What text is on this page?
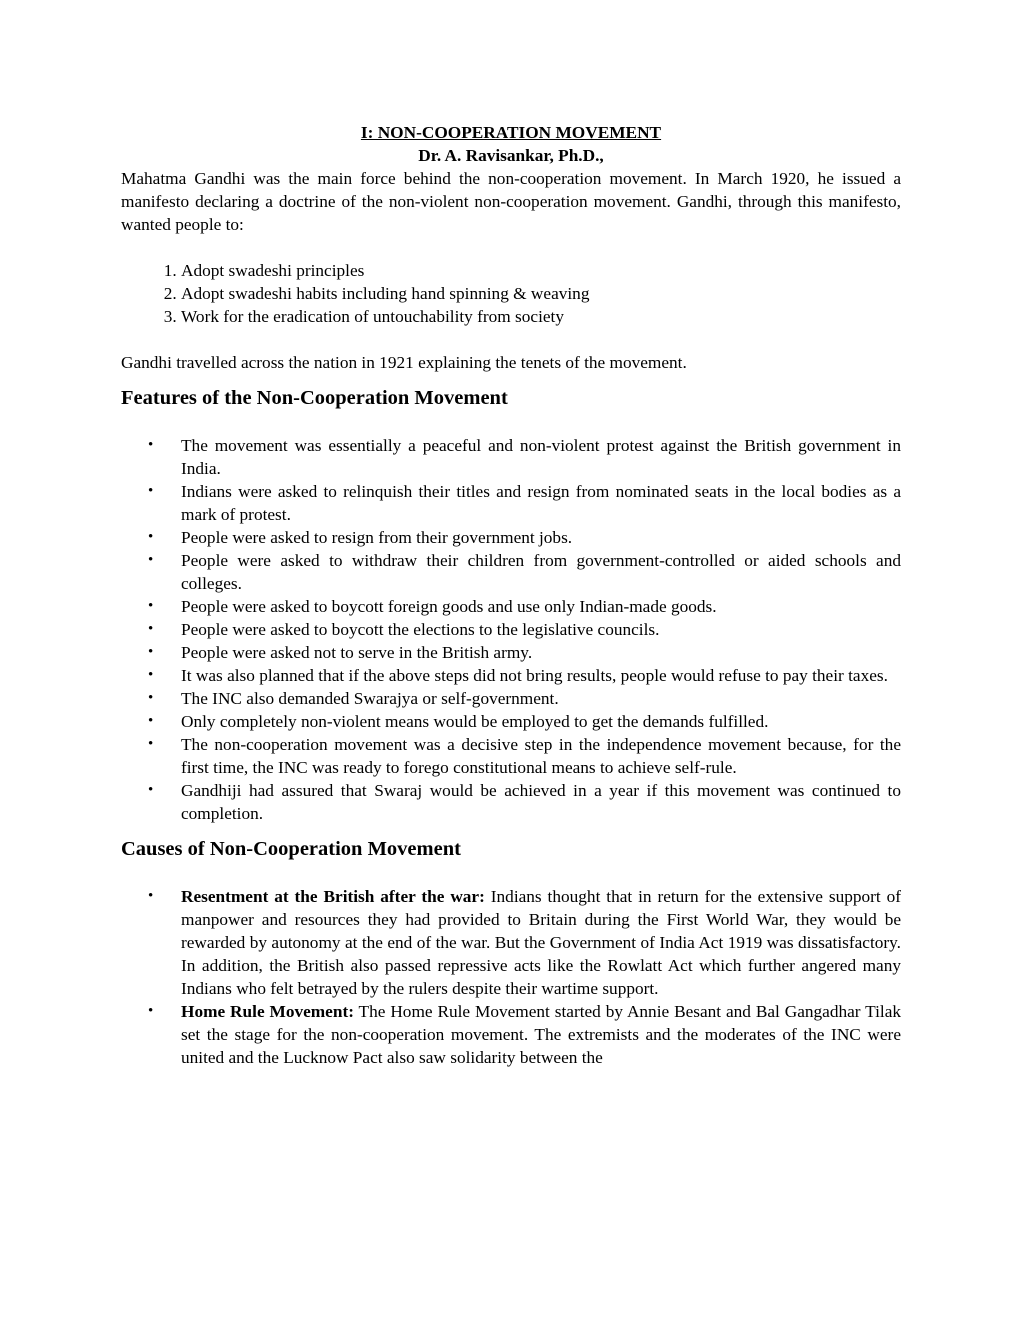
I: NON-COOPERATION MOVEMENT
Dr. A. Ravisankar, Ph.D.,

Mahatma Gandhi was the main force behind the non-cooperation movement. In March 1920, he issued a manifesto declaring a doctrine of the non-violent non-cooperation movement. Gandhi, through this manifesto, wanted people to:

1. Adopt swadeshi principles
2. Adopt swadeshi habits including hand spinning & weaving
3. Work for the eradication of untouchability from society

Gandhi travelled across the nation in 1921 explaining the tenets of the movement.

Features of the Non-Cooperation Movement
• The movement was essentially a peaceful and non-violent protest against the British government in India.
• Indians were asked to relinquish their titles and resign from nominated seats in the local bodies as a mark of protest.
• People were asked to resign from their government jobs.
• People were asked to withdraw their children from government-controlled or aided schools and colleges.
• People were asked to boycott foreign goods and use only Indian-made goods.
• People were asked to boycott the elections to the legislative councils.
• People were asked not to serve in the British army.
• It was also planned that if the above steps did not bring results, people would refuse to pay their taxes.
• The INC also demanded Swarajya or self-government.
• Only completely non-violent means would be employed to get the demands fulfilled.
• The non-cooperation movement was a decisive step in the independence movement because, for the first time, the INC was ready to forego constitutional means to achieve self-rule.
• Gandhiji had assured that Swaraj would be achieved in a year if this movement was continued to completion.
Causes of Non-Cooperation Movement
• Resentment at the British after the war: Indians thought that in return for the extensive support of manpower and resources they had provided to Britain during the First World War, they would be rewarded by autonomy at the end of the war. But the Government of India Act 1919 was dissatisfactory. In addition, the British also passed repressive acts like the Rowlatt Act which further angered many Indians who felt betrayed by the rulers despite their wartime support.
• Home Rule Movement: The Home Rule Movement started by Annie Besant and Bal Gangadhar Tilak set the stage for the non-cooperation movement. The extremists and the moderates of the INC were united and the Lucknow Pact also saw solidarity between the
